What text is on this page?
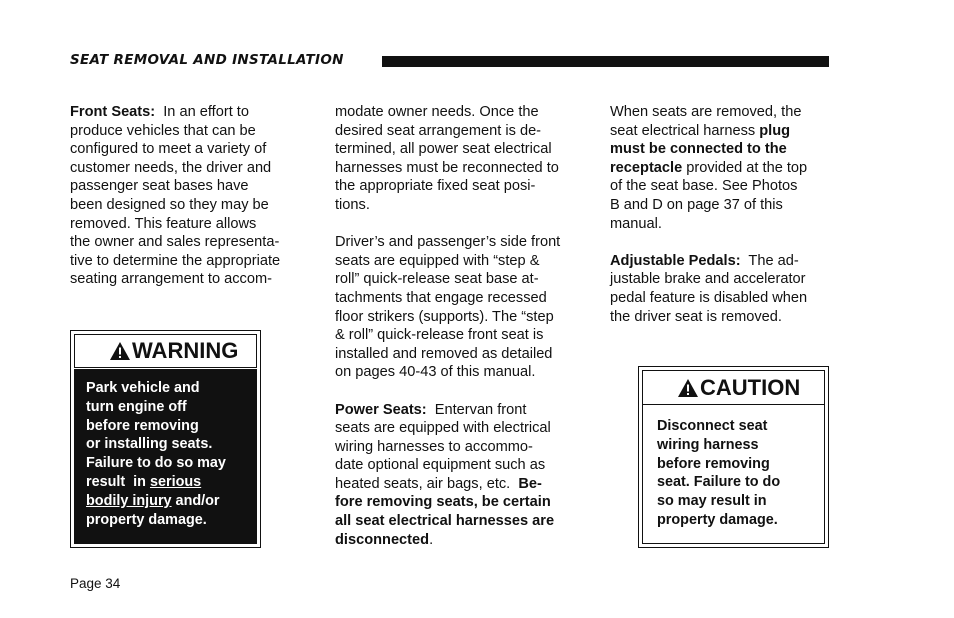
SEAT REMOVAL AND INSTALLATION
Front Seats:  In an effort to
produce vehicles that can be
configured to meet a variety of
customer needs, the driver and
passenger seat bases have
been designed so they may be
removed. This feature allows
the owner and sales representa-
tive to determine the appropriate
seating arrangement to accom-
modate owner needs. Once the
desired seat arrangement is de-
termined, all power seat electrical
harnesses must be reconnected to
the appropriate fixed seat posi-
tions.
Driver’s and passenger’s side front
seats are equipped with “step &
roll” quick-release seat base at-
tachments that engage recessed
floor strikers (supports). The “step
& roll” quick-release front seat is
installed and removed as detailed
on pages 40-43 of this manual.
Power Seats:  Entervan front
seats are equipped with electrical
wiring harnesses to accommo-
date optional equipment such as
heated seats, air bags, etc.  Be-
fore removing seats, be certain
all seat electrical harnesses are
disconnected.
When seats are removed, the
seat electrical harness plug
must be connected to the
receptacle provided at the top
of the seat base. See Photos
B and D on page 37 of this
manual.
Adjustable Pedals:  The ad-
justable brake and accelerator
pedal feature is disabled when
the driver seat is removed.
WARNING
Park vehicle and
turn engine off
before removing
or installing seats.
Failure to do so may
result  in serious
bodily injury and/or
property damage.
CAUTION
Disconnect seat
wiring harness
before removing
seat. Failure to do
so may result in
property damage.
Page 34
